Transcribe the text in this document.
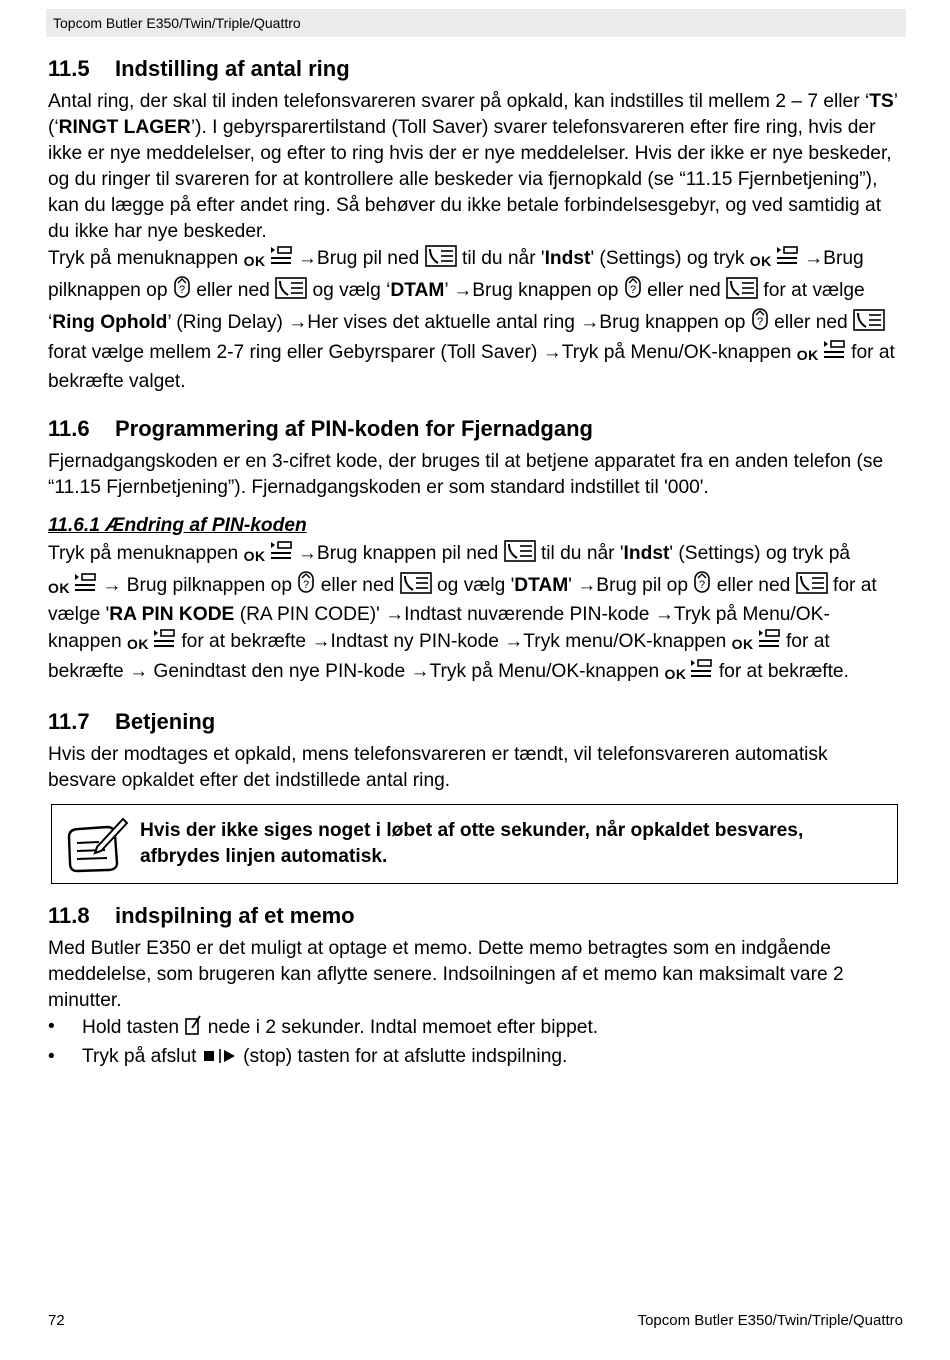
Topcom Butler E350/Twin/Triple/Quattro
11.5 Indstilling af antal ring

Antal ring, der skal til inden telefonsvareren svarer på opkald, kan indstilles til mellem 2 – 7 eller ‘TS’ (‘RINGT LAGER’). I gebyrsparertilstand (Toll Saver) svarer telefonsvareren efter fire ring, hvis der ikke er nye meddelelser, og efter to ring hvis der er nye meddelelser. Hvis der ikke er nye beskeder, og du ringer til svareren for at kontrollere alle beskeder via fjernopkald (se “11.15 Fjernbetjening”), kan du lægge på efter andet ring. Så behøver du ikke betale forbindelsesgebyr, og ved samtidig at du ikke har nye beskeder.

Tryk på menuknappen OK →Brug pil ned til du når 'Indst' (Settings) og tryk OK →Brug pilknappen op ? eller ned og vælg ‘DTAM’ →Brug knappen op ? eller ned for at vælge ‘Ring Ophold’ (Ring Delay) →Her vises det aktuelle antal ring →Brug knappen op ? eller ned  forat vælge mellem 2-7 ring eller Gebyrsparer (Toll Saver) →Tryk på Menu/OK-knappen OK for at bekræfte valget.

11.6 Programmering af PIN-koden for Fjernadgang

Fjernadgangskoden er en 3-cifret kode, der bruges til at betjene apparatet fra en anden telefon (se “11.15 Fjernbetjening”). Fjernadgangskoden er som standard indstillet til '000'.

11.6.1 Ændring af PIN-koden

Tryk på menuknappen OK →Brug knappen pil ned til du når 'Indst' (Settings) og tryk på OK → Brug pilknappen op ? eller ned og vælg 'DTAM' →Brug pil op ? eller ned for at vælge 'RA PIN KODE (RA PIN CODE)' →Indtast nuværende PIN-kode →Tryk på Menu/OK-knappen OK for at bekræfte →Indtast ny PIN-kode →Tryk menu/OK-knappen OK for at bekræfte → Genindtast den nye PIN-kode →Tryk på Menu/OK-knappen OK for at bekræfte.

11.7 Betjening

Hvis der modtages et opkald, mens telefonsvareren er tændt, vil telefonsvareren automatisk besvare opkaldet efter det indstillede antal ring.

Hvis der ikke siges noget i løbet af otte sekunder, når opkaldet besvares, afbrydes linjen automatisk.
11.8 indspilning af et memo

Med Butler E350 er det muligt at optage et memo. Dette memo betragtes som en indgående meddelelse, som brugeren kan aflytte senere. Indsoilningen af et memo kan maksimalt vare 2 minutter.

• Hold tasten nede i 2 sekunder. Indtal memoet efter bippet.
• Tryk på afslut (stop) tasten for at afslutte indspilning.
72	Topcom Butler E350/Twin/Triple/Quattro
